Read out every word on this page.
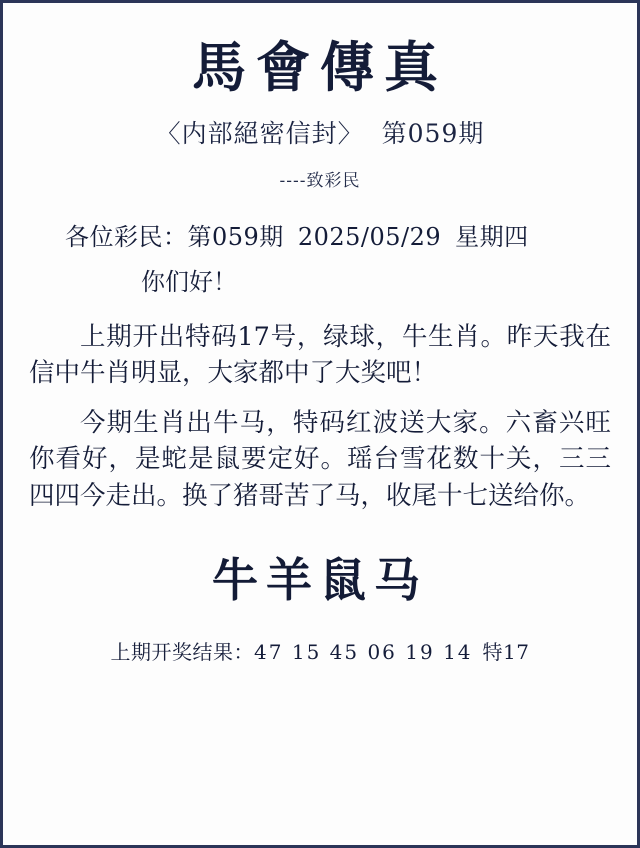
馬會傳真
〈内部絕密信封〉 第059期
----致彩民
各位彩民：第059期 2025/05/29 星期四
你们好！

上期开出特码17号，绿球，牛生肖。昨天我在信中牛肖明显，大家都中了大奖吧！

今期生肖出牛马，特码红波送大家。六畜兴旺你看好，是蛇是鼠要定好。瑶台雪花数十关，三三四四今走出。换了猪哥苦了马，收尾十七送给你。

牛羊鼠马
上期开奖结果：47 15 45 06 19 14 特17
